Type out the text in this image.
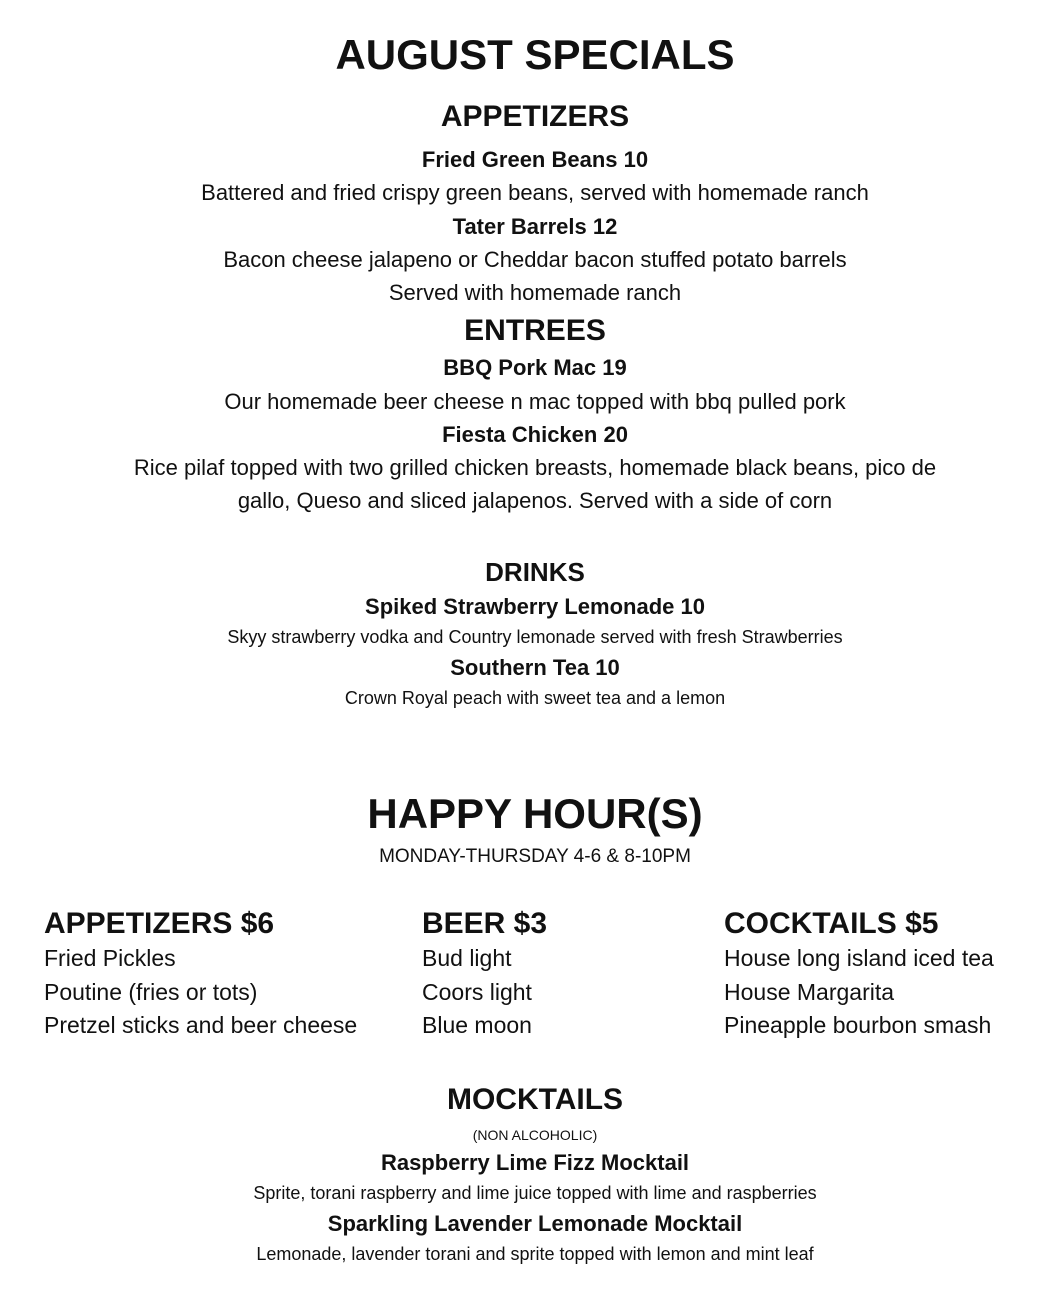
AUGUST SPECIALS
APPETIZERS
Fried Green Beans 10
Battered and fried crispy green beans, served with homemade ranch
Tater Barrels 12
Bacon cheese jalapeno or Cheddar bacon stuffed potato barrels
Served with homemade ranch
ENTREES
BBQ Pork Mac 19
Our homemade beer cheese n mac topped with bbq pulled pork
Fiesta Chicken 20
Rice pilaf topped with two grilled chicken breasts, homemade black beans, pico de
gallo, Queso and sliced jalapenos. Served with a side of corn
DRINKS
Spiked Strawberry Lemonade 10
Skyy strawberry vodka and Country lemonade served with fresh Strawberries
Southern Tea 10
Crown Royal peach with sweet tea and a lemon
HAPPY HOUR(S)
MONDAY-THURSDAY 4-6 & 8-10PM
APPETIZERS $6
Fried Pickles
Poutine (fries or tots)
Pretzel sticks and beer cheese
BEER $3
Bud light
Coors light
Blue moon
COCKTAILS $5
House long island iced tea
House Margarita
Pineapple bourbon smash
MOCKTAILS
(NON ALCOHOLIC)
Raspberry Lime Fizz Mocktail
Sprite, torani raspberry and lime juice topped with lime and raspberries
Sparkling Lavender Lemonade Mocktail
Lemonade, lavender torani and sprite topped with lemon and mint leaf
